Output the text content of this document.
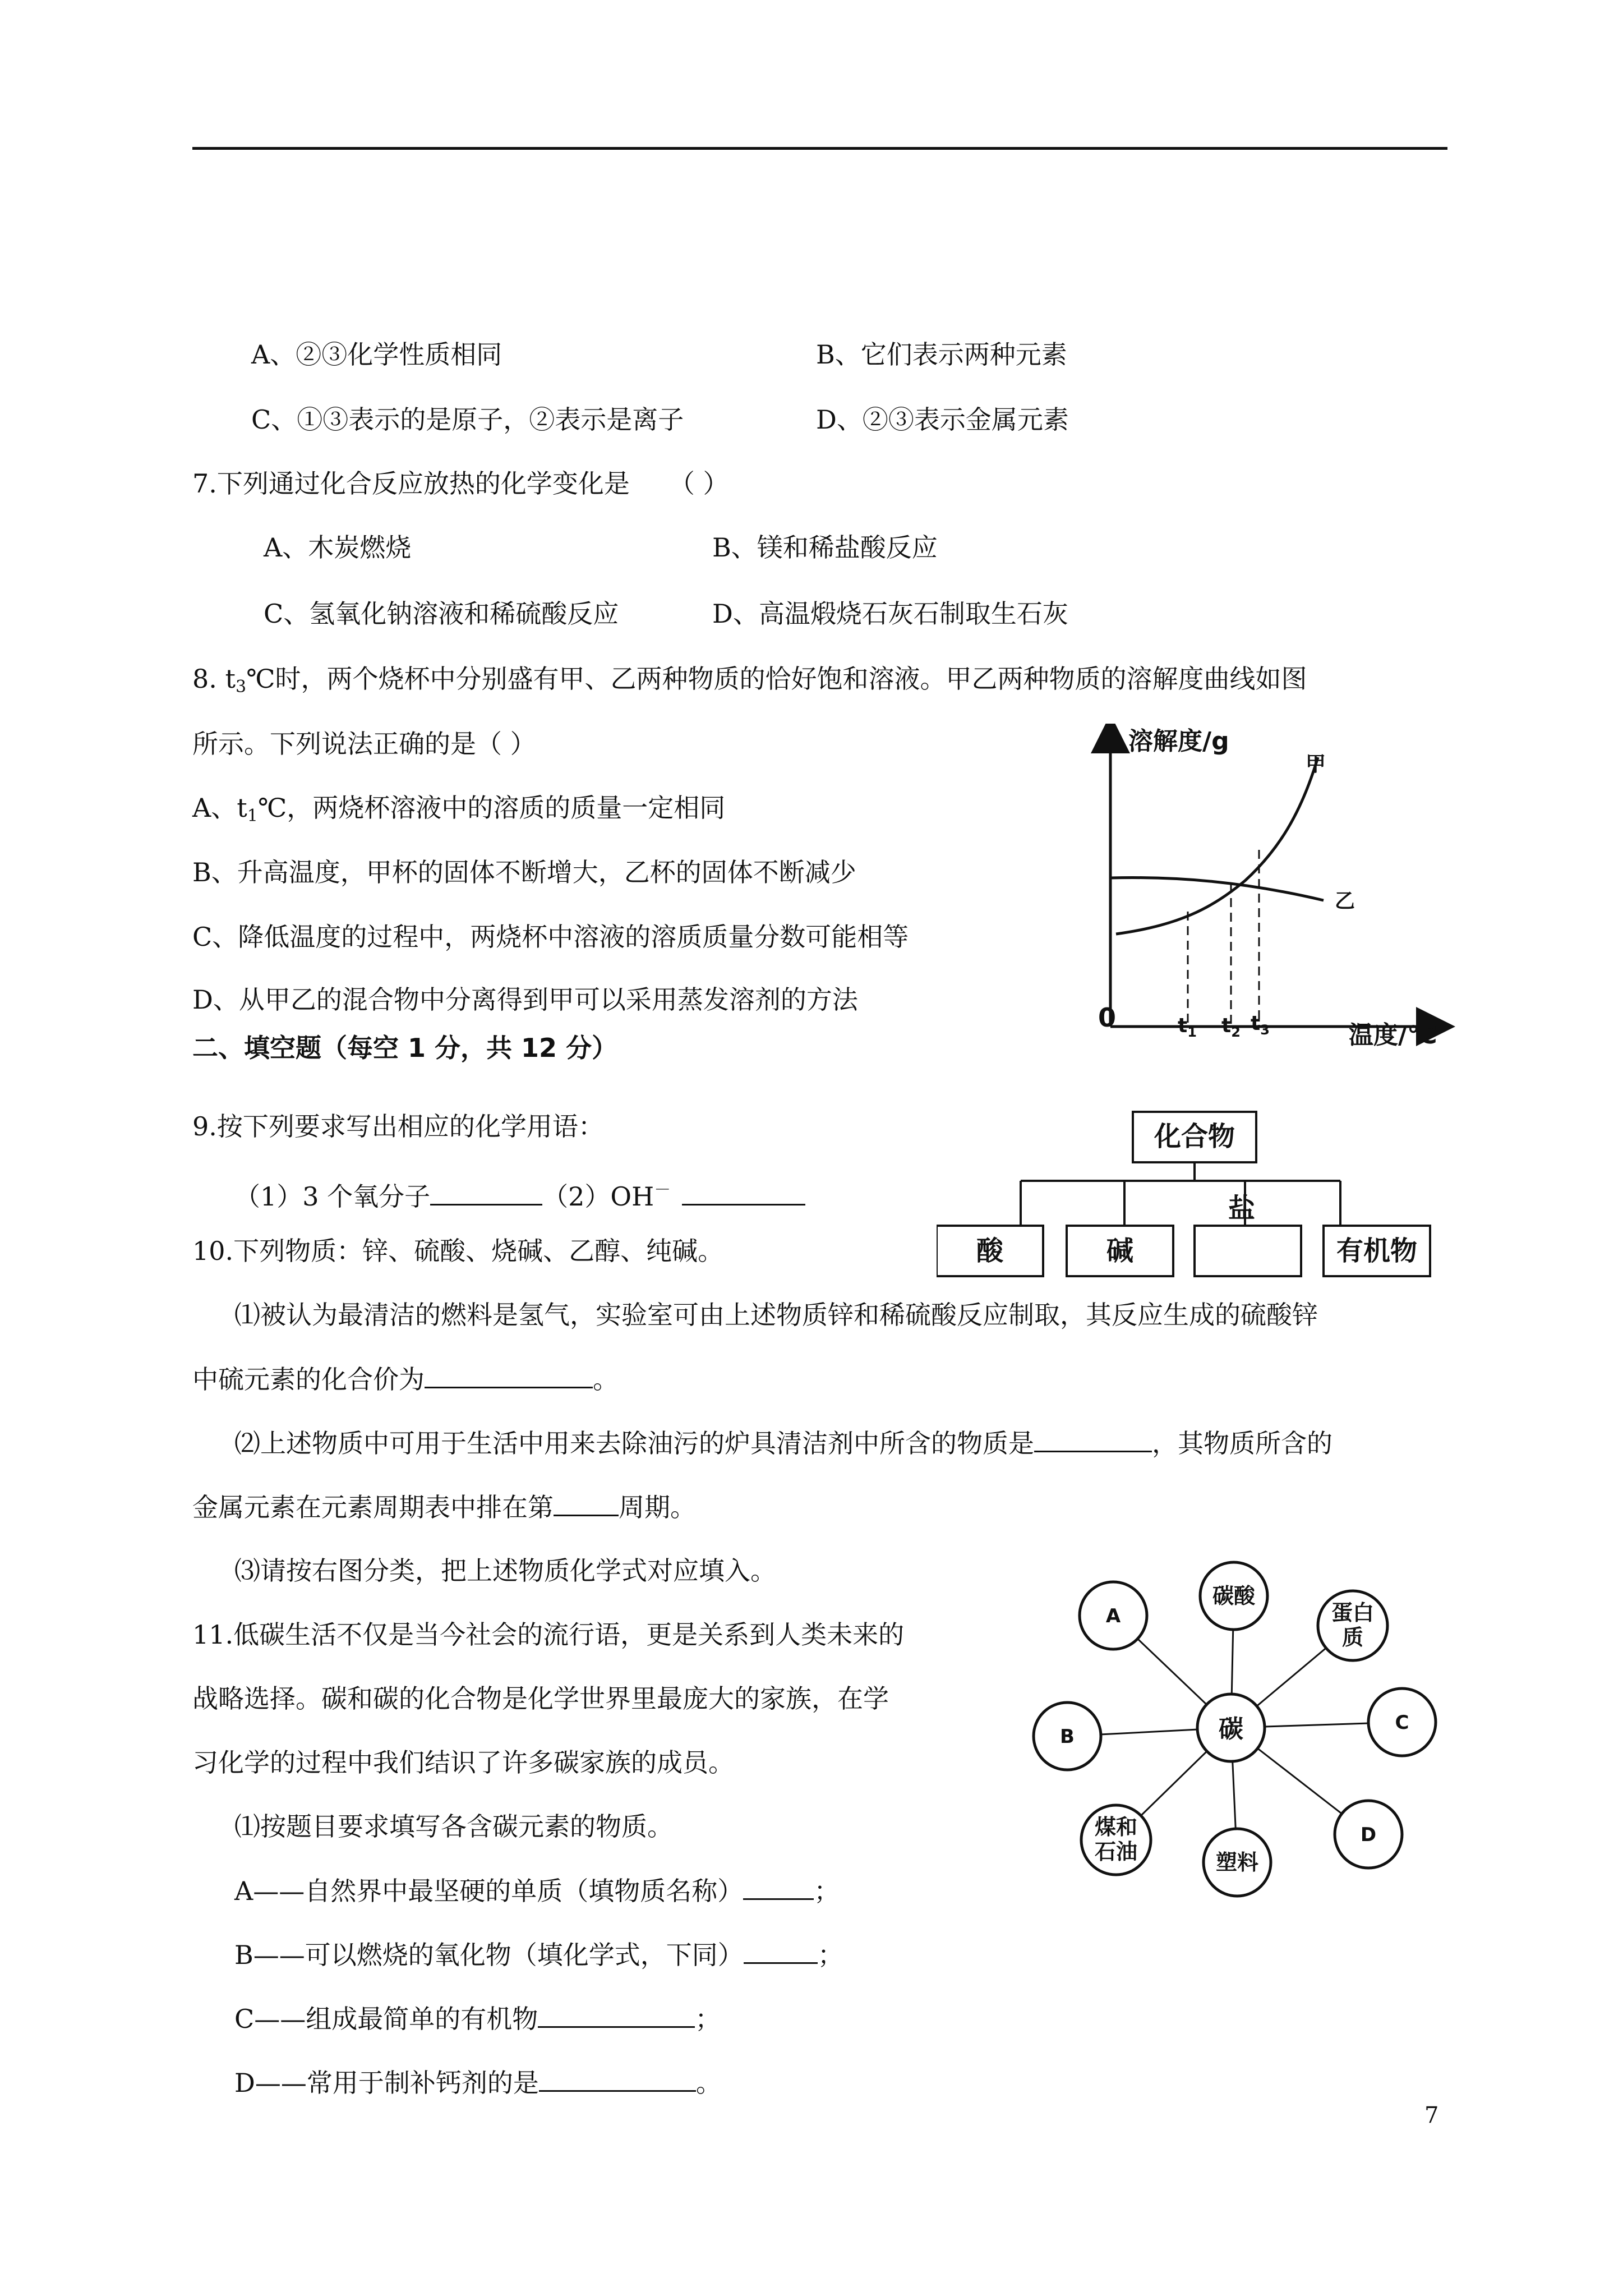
A、②③化学性质相同	B、它们表示两种元素
C、①③表示的是原子，②表示是离子	D、②③表示金属元素
7.下列通过化合反应放热的化学变化是 （ ）
A、木炭燃烧	B、镁和稀盐酸反应
C、氢氧化钠溶液和稀硫酸反应	D、高温煅烧石灰石制取生石灰
8. $t_3℃$时，两个烧杯中分别盛有甲、乙两种物质的恰好饱和溶液。甲乙两种物质的溶解度曲线如图
所示。下列说法正确的是（ ）
A、$t_1℃$，两烧杯溶液中的溶质的质量一定相同
B、升高温度，甲杯的固体不断增大，乙杯的固体不断减少
C、降低温度的过程中，两烧杯中溶液的溶质质量分数可能相等
D、从甲乙的混合物中分离得到甲可以采用蒸发溶剂的方法
溶解度/g
温度/℃
0
甲
乙
$t_1$ $t_2$ $t_3$
二、填空题（每空 1 分，共 12 分）
9.按下列要求写出相应的化学用语：
（1）3 个氧分子	（2）OH－
化合物
酸	碱
盐
有机物
10.下列物质：锌、硫酸、烧碱、乙醇、纯碱。
⑴被认为最清洁的燃料是氢气，实验室可由上述物质锌和稀硫酸反应制取，其反应生成的硫酸锌
中硫元素的化合价为	。
⑵上述物质中可用于生活中用来去除油污的炉具清洁剂中所含的物质是	，其物质所含的
金属元素在元素周期表中排在第	周期。
⑶请按右图分类，把上述物质化学式对应填入。
11.低碳生活不仅是当今社会的流行语，更是关系到人类未来的
战略选择。碳和碳的化合物是化学世界里最庞大的家族，在学
习化学的过程中我们结识了许多碳家族的成员。
⑴按题目要求填写各含碳元素的物质。
A——自然界中最坚硬的单质（填物质名称）	；
B——可以燃烧的氧化物（填化学式，下同）	；
C——组成最简单的有机物	；
D——常用于制补钙剂的是	。
碳
A
碳酸
蛋白
质
B
C
煤和
石油
D
塑料
7
